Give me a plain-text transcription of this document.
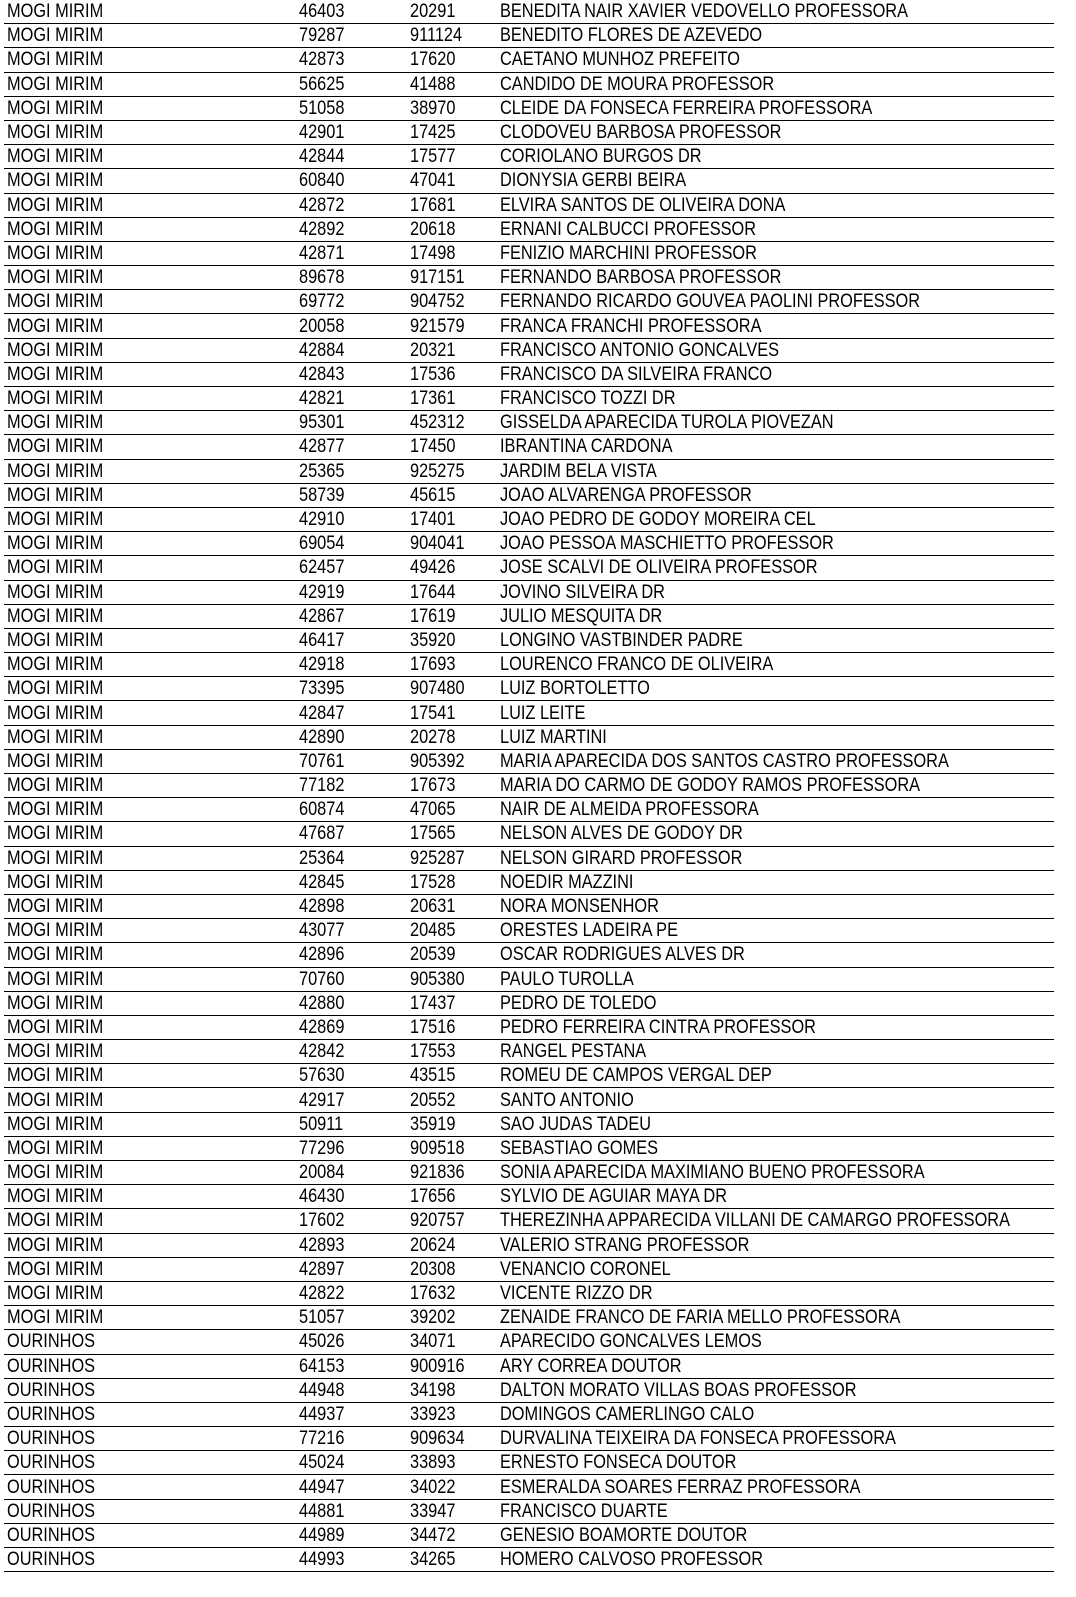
MOGI MIRIM	46403	20291	BENEDITA NAIR XAVIER VEDOVELLO PROFESSORA
MOGI MIRIM	79287	911124	BENEDITO FLORES DE AZEVEDO
MOGI MIRIM	42873	17620	CAETANO MUNHOZ PREFEITO
MOGI MIRIM	56625	41488	CANDIDO DE MOURA PROFESSOR
MOGI MIRIM	51058	38970	CLEIDE DA FONSECA FERREIRA PROFESSORA
MOGI MIRIM	42901	17425	CLODOVEU BARBOSA PROFESSOR
MOGI MIRIM	42844	17577	CORIOLANO BURGOS DR
MOGI MIRIM	60840	47041	DIONYSIA GERBI BEIRA
MOGI MIRIM	42872	17681	ELVIRA SANTOS DE OLIVEIRA DONA
MOGI MIRIM	42892	20618	ERNANI CALBUCCI PROFESSOR
MOGI MIRIM	42871	17498	FENIZIO MARCHINI PROFESSOR
MOGI MIRIM	89678	917151	FERNANDO BARBOSA PROFESSOR
MOGI MIRIM	69772	904752	FERNANDO RICARDO GOUVEA PAOLINI PROFESSOR
MOGI MIRIM	20058	921579	FRANCA FRANCHI PROFESSORA
MOGI MIRIM	42884	20321	FRANCISCO ANTONIO GONCALVES
MOGI MIRIM	42843	17536	FRANCISCO DA SILVEIRA FRANCO
MOGI MIRIM	42821	17361	FRANCISCO TOZZI DR
MOGI MIRIM	95301	452312	GISSELDA APARECIDA TUROLA PIOVEZAN
MOGI MIRIM	42877	17450	IBRANTINA CARDONA
MOGI MIRIM	25365	925275	JARDIM BELA VISTA
MOGI MIRIM	58739	45615	JOAO ALVARENGA PROFESSOR
MOGI MIRIM	42910	17401	JOAO PEDRO DE GODOY MOREIRA CEL
MOGI MIRIM	69054	904041	JOAO PESSOA MASCHIETTO PROFESSOR
MOGI MIRIM	62457	49426	JOSE SCALVI DE OLIVEIRA PROFESSOR
MOGI MIRIM	42919	17644	JOVINO SILVEIRA DR
MOGI MIRIM	42867	17619	JULIO MESQUITA DR
MOGI MIRIM	46417	35920	LONGINO VASTBINDER PADRE
MOGI MIRIM	42918	17693	LOURENCO FRANCO DE OLIVEIRA
MOGI MIRIM	73395	907480	LUIZ BORTOLETTO
MOGI MIRIM	42847	17541	LUIZ LEITE
MOGI MIRIM	42890	20278	LUIZ MARTINI
MOGI MIRIM	70761	905392	MARIA APARECIDA DOS SANTOS CASTRO PROFESSORA
MOGI MIRIM	77182	17673	MARIA DO CARMO DE GODOY RAMOS PROFESSORA
MOGI MIRIM	60874	47065	NAIR DE ALMEIDA PROFESSORA
MOGI MIRIM	47687	17565	NELSON ALVES DE GODOY DR
MOGI MIRIM	25364	925287	NELSON GIRARD PROFESSOR
MOGI MIRIM	42845	17528	NOEDIR MAZZINI
MOGI MIRIM	42898	20631	NORA MONSENHOR
MOGI MIRIM	43077	20485	ORESTES LADEIRA PE
MOGI MIRIM	42896	20539	OSCAR RODRIGUES ALVES DR
MOGI MIRIM	70760	905380	PAULO TUROLLA
MOGI MIRIM	42880	17437	PEDRO DE TOLEDO
MOGI MIRIM	42869	17516	PEDRO FERREIRA CINTRA PROFESSOR
MOGI MIRIM	42842	17553	RANGEL PESTANA
MOGI MIRIM	57630	43515	ROMEU DE CAMPOS VERGAL DEP
MOGI MIRIM	42917	20552	SANTO ANTONIO
MOGI MIRIM	50911	35919	SAO JUDAS TADEU
MOGI MIRIM	77296	909518	SEBASTIAO GOMES
MOGI MIRIM	20084	921836	SONIA APARECIDA MAXIMIANO BUENO PROFESSORA
MOGI MIRIM	46430	17656	SYLVIO DE AGUIAR MAYA DR
MOGI MIRIM	17602	920757	THEREZINHA APPARECIDA VILLANI DE CAMARGO PROFESSORA
MOGI MIRIM	42893	20624	VALERIO STRANG PROFESSOR
MOGI MIRIM	42897	20308	VENANCIO CORONEL
MOGI MIRIM	42822	17632	VICENTE RIZZO DR
MOGI MIRIM	51057	39202	ZENAIDE FRANCO DE FARIA MELLO PROFESSORA
OURINHOS	45026	34071	APARECIDO GONCALVES LEMOS
OURINHOS	64153	900916	ARY CORREA DOUTOR
OURINHOS	44948	34198	DALTON MORATO VILLAS BOAS PROFESSOR
OURINHOS	44937	33923	DOMINGOS CAMERLINGO CALO
OURINHOS	77216	909634	DURVALINA TEIXEIRA DA FONSECA PROFESSORA
OURINHOS	45024	33893	ERNESTO FONSECA DOUTOR
OURINHOS	44947	34022	ESMERALDA SOARES FERRAZ PROFESSORA
OURINHOS	44881	33947	FRANCISCO DUARTE
OURINHOS	44989	34472	GENESIO BOAMORTE DOUTOR
OURINHOS	44993	34265	HOMERO CALVOSO PROFESSOR
